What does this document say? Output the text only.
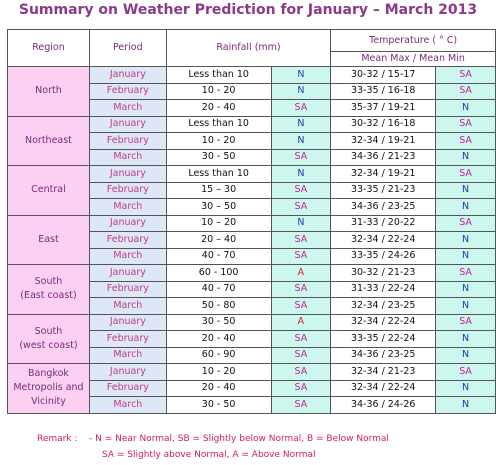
Summary on Weather Prediction for January – March 2013
Region	Period	Rainfall (mm)		Temperature ( ° C)	
				Mean Max / Mean Min	

North	January	Less than 10	N	30-32 / 15-17	SA
	February	10 - 20	N	33-35 / 16-18	SA
	March	20 - 40	SA	35-37 / 19-21	N

Northeast	January	Less than 10	N	30-32 / 16-18	SA
	February	10 - 20	N	32-34 / 19-21	SA
	March	30 - 50	SA	34-36 / 21-23	N

Central	January	Less than 10	N	32-34 / 19-21	SA
	February	15 – 30	SA	33-35 / 21-23	N
	March	30 – 50	SA	34-36 / 23-25	N

East	January	10 – 20	N	31-33 / 20-22	SA
	February	20 – 40	SA	32-34 / 22-24	N
	March	40 - 70	SA	33-35 / 24-26	N

South
(East coast)	January	60 - 100	A	30-32 / 21-23	SA
	February	40 - 70	SA	31-33 / 22-24	N
	March	50 - 80	SA	32-34 / 23-25	N

South
(west coast)	January	30 - 50	A	32-34 / 22-24	SA
	February	20 - 40	SA	33-35 / 22-24	N
	March	60 - 90	SA	34-36 / 23-25	N

Bangkok
Metropolis and
Vicinity	January	10 - 20	SA	32-34 / 21-23	SA
	February	20 - 40	SA	32-34 / 22-24	N
	March	30 - 50	SA	34-36 / 24-26	N
Remark : - N = Near Normal, SB = Slightly below Normal, B = Below Normal
SA = Slightly above Normal, A = Above Normal
